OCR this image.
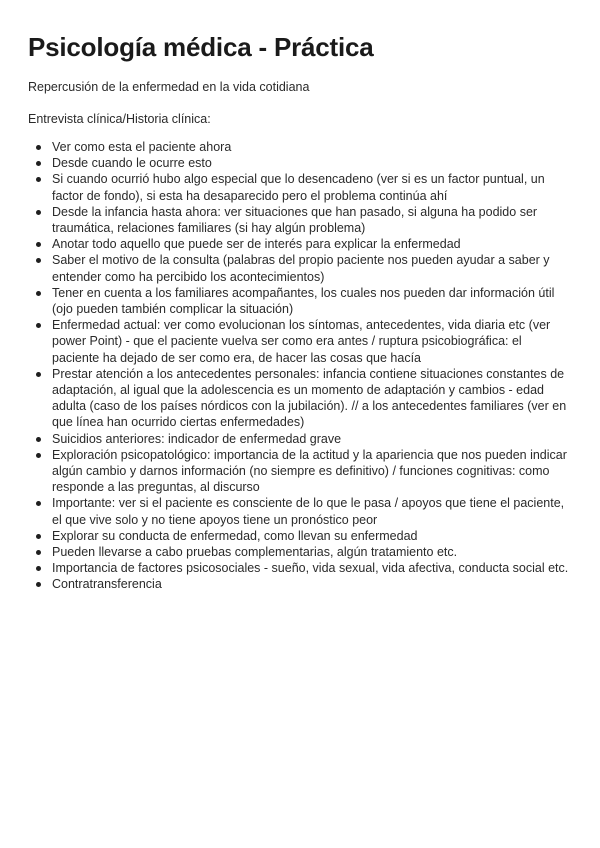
Psicología médica - Práctica

Repercusión de la enfermedad en la vida cotidiana

Entrevista clínica/Historia clínica:

Ver como esta el paciente ahora
Desde cuando le ocurre esto
Si cuando ocurrió hubo algo especial que lo desencadeno (ver si es un factor puntual, un factor de fondo), si esta ha desaparecido pero el problema continúa ahí
Desde la infancia hasta ahora: ver situaciones que han pasado, si alguna ha podido ser traumática, relaciones familiares (si hay algún problema)
Anotar todo aquello que puede ser de interés para explicar la enfermedad
Saber el motivo de la consulta (palabras del propio paciente nos pueden ayudar a saber y entender como ha percibido los acontecimientos)
Tener en cuenta a los familiares acompañantes, los cuales nos pueden dar información útil (ojo pueden también complicar la situación)
Enfermedad actual: ver como evolucionan los síntomas, antecedentes, vida diaria etc (ver power Point) - que el paciente vuelva ser como era antes / ruptura psicobiográfica: el paciente ha dejado de ser como era, de hacer las cosas que hacía
Prestar atención a los antecedentes personales: infancia contiene situaciones constantes de adaptación, al igual que la adolescencia es un momento de adaptación y cambios - edad adulta (caso de los países nórdicos con la jubilación). // a los antecedentes familiares (ver en que línea han ocurrido ciertas enfermedades)
Suicidios anteriores: indicador de enfermedad grave
Exploración psicopatológico: importancia de la actitud y la apariencia que nos pueden indicar algún cambio y darnos información (no siempre es definitivo) / funciones cognitivas: como responde a las preguntas, al discurso
Importante: ver si el paciente es consciente de lo que le pasa / apoyos que tiene el paciente, el que vive solo y no tiene apoyos tiene un pronóstico peor
Explorar su conducta de enfermedad, como llevan su enfermedad
Pueden llevarse a cabo pruebas complementarias, algún tratamiento etc.
Importancia de factores psicosociales - sueño, vida sexual, vida afectiva, conducta social etc.
Contratransferencia
